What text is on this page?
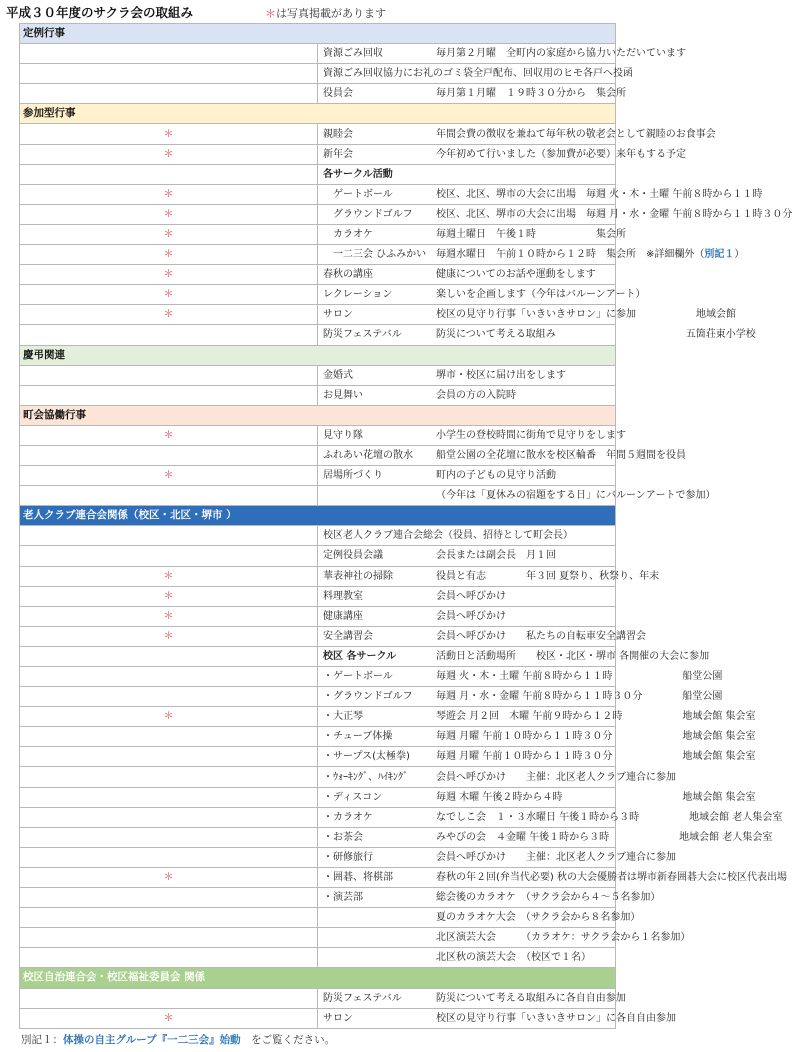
平成３０年度のサクラ会の取組み	＊は写真掲載があります
定例行事	
	資源ごみ回収 毎月第２月曜　全町内の家庭から協力いただいています
	資源ごみ回収協力にお礼のゴミ袋全戸配布、回収用のヒモ各戸へ投函
	役員会 毎月第１月曜　１９時３０分から　集会所
参加型行事	
＊	親睦会 年間会費の徴収を兼ねて毎年秋の敬老会として親睦のお食事会
＊	新年会 今年初めて行いました（参加費が必要）来年もする予定
	各サークル活動
＊	　ゲートボール 校区、北区、堺市の大会に出場　毎週 火・木・土曜 午前８時から１１時
＊	　グラウンドゴルフ 校区、北区、堺市の大会に出場　毎週 月・水・金曜 午前８時から１１時３０分
＊	　カラオケ 毎週土曜日　午後１時　　　　　　集会所
＊	　一二三会 ひふみかい 毎週水曜日　午前１０時から１２時　集会所　※詳細欄外（別記１）
＊	春秋の講座 健康についてのお話や運動をします
＊	レクレーション 楽しいを企画します（今年はバルーンアート）
＊	サロン 校区の見守り行事「いきいきサロン」に参加　　　　　　地域会館
	防災フェステバル 防災について考える取組み　　　　　　　　　　　　　五箇荘東小学校
慶弔関連	
	金婚式 堺市・校区に届け出をします
	お見舞い 会員の方の入院時
町会協働行事	
＊	見守り隊 小学生の登校時間に街角で見守りをします
	ふれあい花壇の散水 船堂公園の全花壇に散水を校区輪番　年間５週間を役員
＊	居場所づくり 町内の子どもの見守り活動
	（今年は「夏休みの宿題をする日」にバルーンアートで参加）
老人クラブ連合会関係（校区・北区・堺市 ）	
	校区老人クラブ連合会総会（役員、招待として町会長）
	定例役員会議 会長または副会長　月１回
＊	華表神社の掃除 役員と有志　　　　年３回 夏祭り、秋祭り、年末
＊	料理教室 会員へ呼びかけ
＊	健康講座 会員へ呼びかけ
＊	安全講習会 会員へ呼びかけ　　私たちの自転車安全講習会
	校区 各サークル 活動日と活動場所　　校区・北区・堺市 各開催の大会に参加
	・ゲートボール 毎週 火・木・土曜 午前８時から１１時　　　　　　　船堂公園
	・グラウンドゴルフ 毎週 月・水・金曜 午前８時から１１時３０分　　　　船堂公園
＊	・大正琴 琴遊会 月２回　木曜 午前９時から１２時　　　　　　地域会館 集会室
	・チューブ体操 毎週 月曜 午前１０時から１１時３０分　　　　　　　地域会館 集会室
	・サープス(太極拳) 毎週 月曜 午前１０時から１１時３０分　　　　　　　地域会館 集会室
	・ｳｫｰｷﾝｸﾞ、ﾊｲｷﾝｸﾞ 会員へ呼びかけ　　主催：北区老人クラブ連合に参加
	・ディスコン 毎週 木曜 午後２時から４時　　　　　　　　　　　　地域会館 集会室
	・カラオケ なでしこ会　１・３水曜日 午後１時から３時　　　　　地域会館 老人集会室
	・お茶会 みやびの会　４金曜 午後１時から３時　　　　　　　地域会館 老人集会室
	・研修旅行 会員へ呼びかけ　　主催：北区老人クラブ連合に参加
＊	・囲碁、将棋部 春秋の年２回(弁当代必要) 秋の大会優勝者は堺市新春囲碁大会に校区代表出場
	・演芸部 総会後のカラオケ　（サクラ会から４～５名参加）
	夏のカラオケ大会　（サクラ会から８名参加）
	北区演芸大会　　　（カラオケ：サクラ会から１名参加）
	北区秋の演芸大会　（校区で１名）
校区自治連合会・校区福祉委員会 関係	
	防災フェステバル 防災について考える取組みに各自自由参加
＊	サロン 校区の見守り行事「いきいきサロン」に各自自由参加
別記１：体操の自主グループ『一二三会』始動　をご覧ください。
